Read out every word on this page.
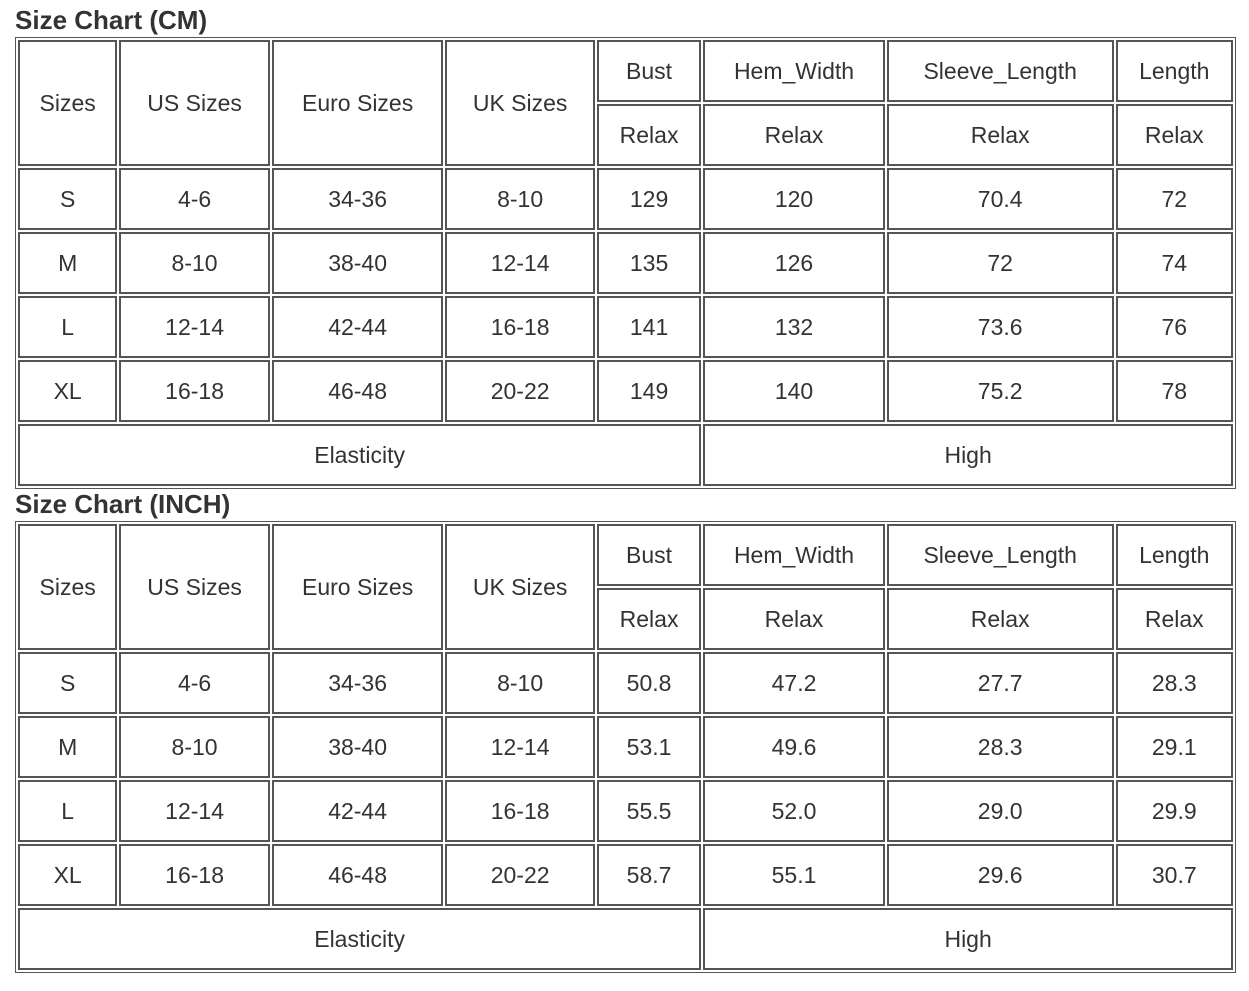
Size Chart (CM)
Sizes	US Sizes	Euro Sizes	UK Sizes	Bust	Hem_Width	Sleeve_Length	Length
				Relax	Relax	Relax	Relax
S	4-6	34-36	8-10	129	120	70.4	72
M	8-10	38-40	12-14	135	126	72	74
L	12-14	42-44	16-18	141	132	73.6	76
XL	16-18	46-48	20-22	149	140	75.2	78
Elasticity					High		
Size Chart (INCH)
Sizes	US Sizes	Euro Sizes	UK Sizes	Bust	Hem_Width	Sleeve_Length	Length
				Relax	Relax	Relax	Relax
S	4-6	34-36	8-10	50.8	47.2	27.7	28.3
M	8-10	38-40	12-14	53.1	49.6	28.3	29.1
L	12-14	42-44	16-18	55.5	52.0	29.0	29.9
XL	16-18	46-48	20-22	58.7	55.1	29.6	30.7
Elasticity					High		
